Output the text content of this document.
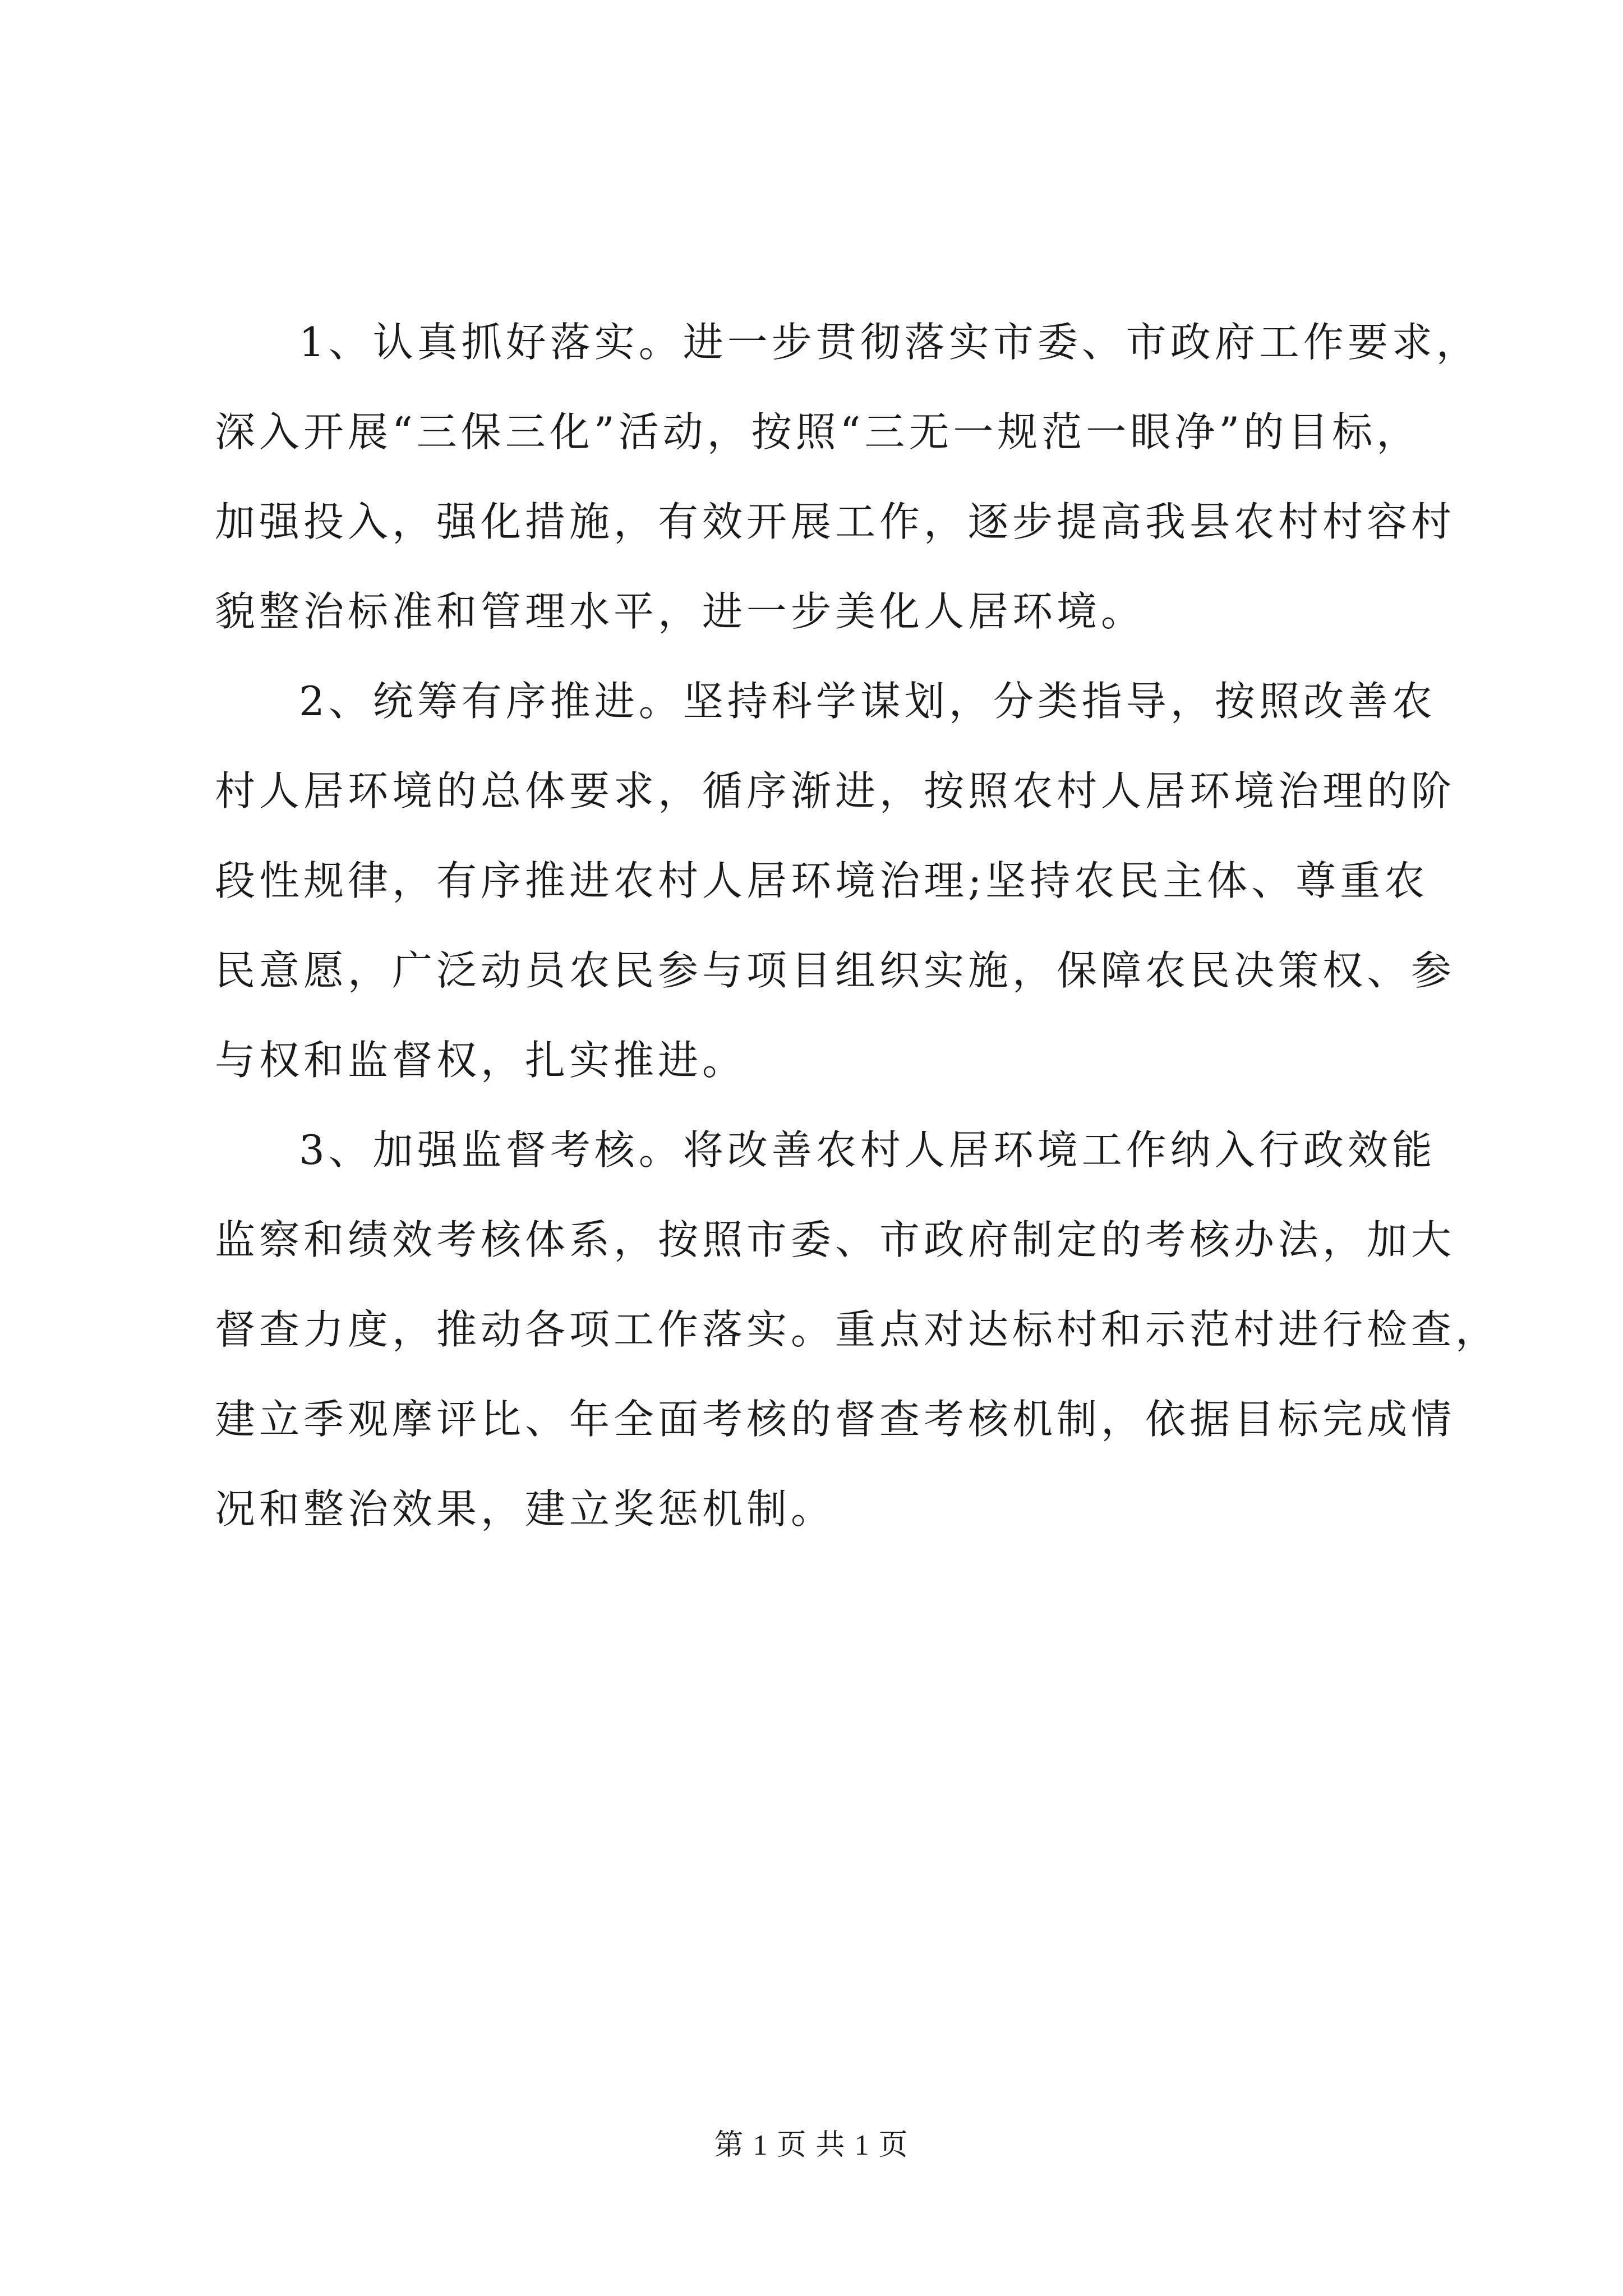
1、认真抓好落实。进一步贯彻落实市委、市政府工作要求，
深入开展“三保三化”活动，按照“三无一规范一眼净”的目标，
加强投入，强化措施，有效开展工作，逐步提高我县农村村容村
貌整治标准和管理水平，进一步美化人居环境。
2、统筹有序推进。坚持科学谋划，分类指导，按照改善农
村人居环境的总体要求，循序渐进，按照农村人居环境治理的阶
段性规律，有序推进农村人居环境治理;坚持农民主体、尊重农
民意愿，广泛动员农民参与项目组织实施，保障农民决策权、参
与权和监督权，扎实推进。
3、加强监督考核。将改善农村人居环境工作纳入行政效能
监察和绩效考核体系，按照市委、市政府制定的考核办法，加大
督查力度，推动各项工作落实。重点对达标村和示范村进行检查，
建立季观摩评比、年全面考核的督查考核机制，依据目标完成情
况和整治效果，建立奖惩机制。
第 1 页 共 1 页
